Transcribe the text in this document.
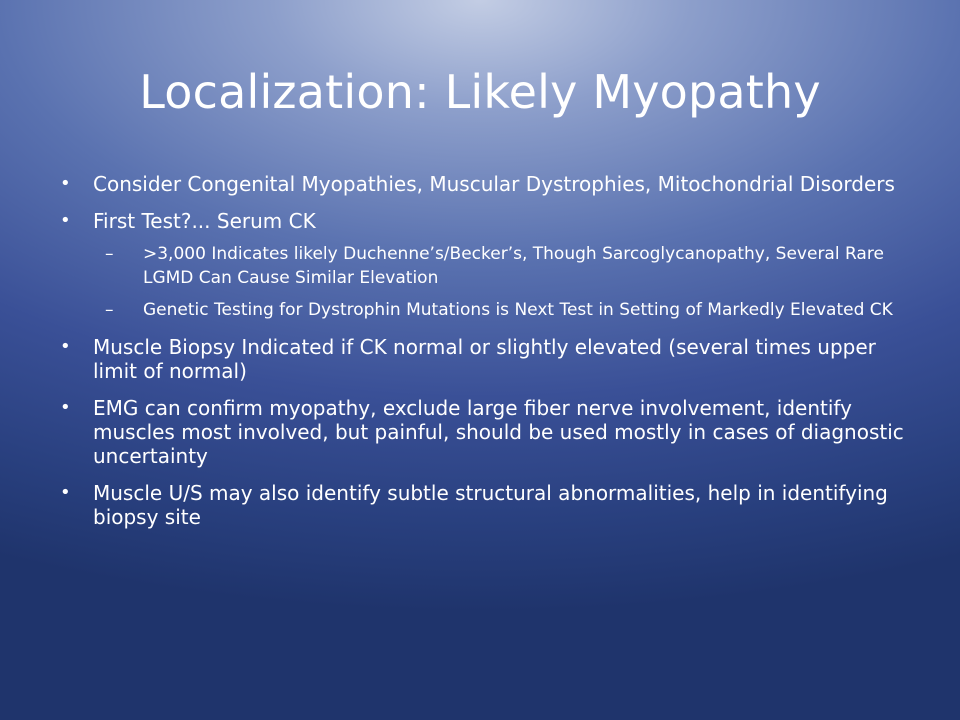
Localization: Likely Myopathy
• Consider Congenital Myopathies, Muscular Dystrophies, Mitochondrial Disorders
• First Test?... Serum CK
– >3,000 Indicates likely Duchenne’s/Becker’s, Though Sarcoglycanopathy, Several Rare LGMD Can Cause Similar Elevation
– Genetic Testing for Dystrophin Mutations is Next Test in Setting of Markedly Elevated CK
• Muscle Biopsy Indicated if CK normal or slightly elevated (several times upper limit of normal)
• EMG can confirm myopathy, exclude large fiber nerve involvement, identify muscles most involved, but painful, should be used mostly in cases of diagnostic uncertainty
• Muscle U/S may also identify subtle structural abnormalities, help in identifying biopsy site
